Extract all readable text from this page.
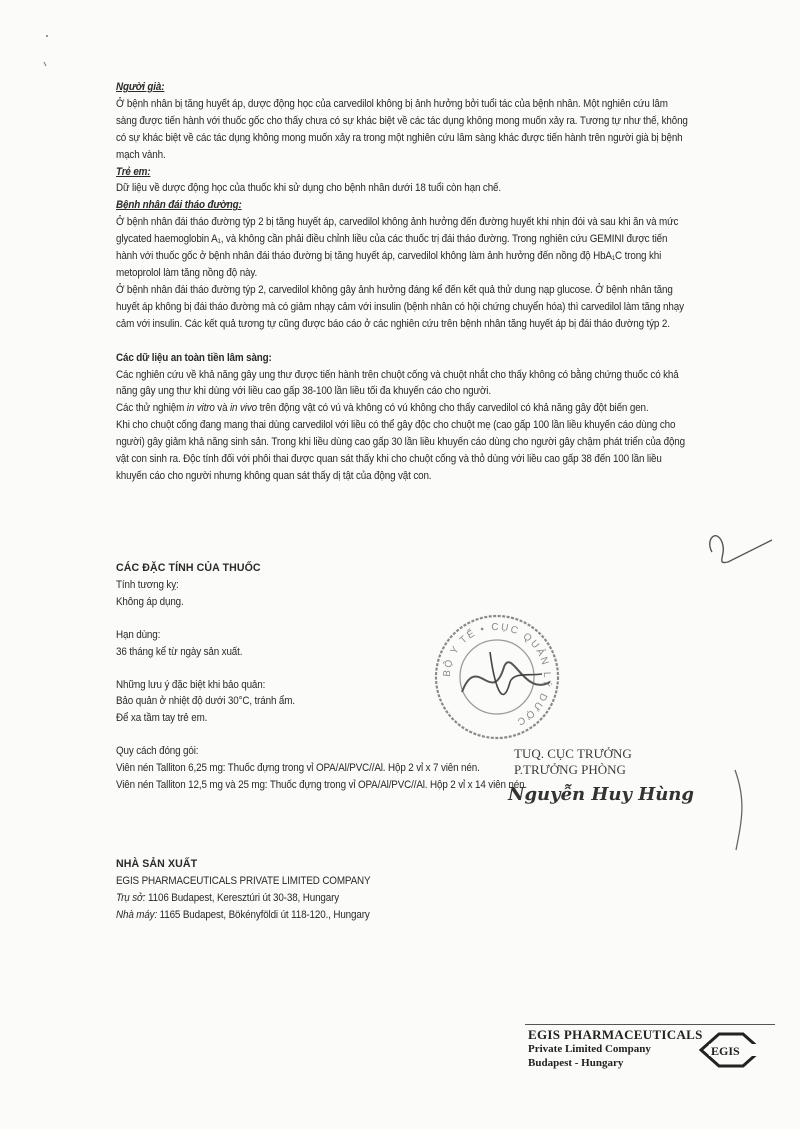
Người già:

Ở bệnh nhân bị tăng huyết áp, dược động học của carvedilol không bị ảnh hưởng bởi tuổi tác của bệnh nhân. Một nghiên cứu lâm sàng được tiến hành với thuốc gốc cho thấy chưa có sự khác biệt về các tác dụng không mong muốn xảy ra. Tương tự như thế, không có sự khác biệt về các tác dụng không mong muốn xảy ra trong một nghiên cứu lâm sàng khác được tiến hành trên người già bị bệnh mạch vành.

Trẻ em:

Dữ liệu về dược động học của thuốc khi sử dụng cho bệnh nhân dưới 18 tuổi còn hạn chế.

Bệnh nhân đái tháo đường:

Ở bệnh nhân đái tháo đường týp 2 bị tăng huyết áp, carvedilol không ảnh hưởng đến đường huyết khi nhịn đói và sau khi ăn và mức glycated haemoglobin A₁, và không cần phải điều chỉnh liều của các thuốc trị đái tháo đường. Trong nghiên cứu GEMINI được tiến hành với thuốc gốc ở bệnh nhân đái tháo đường bị tăng huyết áp, carvedilol không làm ảnh hưởng đến nồng độ HbA₁C trong khi metoprolol làm tăng nồng độ này.

Ở bệnh nhân đái tháo đường týp 2, carvedilol không gây ảnh hưởng đáng kể đến kết quả thử dung nạp glucose. Ở bệnh nhân tăng huyết áp không bị đái tháo đường mà có giảm nhạy cảm với insulin (bệnh nhân có hội chứng chuyển hóa) thì carvedilol làm tăng nhạy cảm với insulin. Các kết quả tương tự cũng được báo cáo ở các nghiên cứu trên bệnh nhân tăng huyết áp bị đái tháo đường týp 2.

Các dữ liệu an toàn tiền lâm sàng:

Các nghiên cứu về khả năng gây ung thư được tiến hành trên chuột cống và chuột nhắt cho thấy không có bằng chứng thuốc có khả năng gây ung thư khi dùng với liều cao gấp 38-100 lần liều tối đa khuyến cáo cho người.

Các thử nghiệm in vitro và in vivo trên động vật có vú và không có vú không cho thấy carvedilol có khả năng gây đột biến gen.

Khi cho chuột cống đang mang thai dùng carvedilol với liều có thể gây độc cho chuột mẹ (cao gấp 100 lần liều khuyến cáo dùng cho người) gây giảm khả năng sinh sản. Trong khi liều dùng cao gấp 30 lần liều khuyến cáo dùng cho người gây chậm phát triển của động vật con sinh ra. Độc tính đối với phôi thai được quan sát thấy khi cho chuột cống và thỏ dùng với liều cao gấp 38 đến 100 lần liều khuyến cáo cho người nhưng không quan sát thấy dị tật của động vật con.

CÁC ĐẶC TÍNH CỦA THUỐC

Tính tương kỵ:

Không áp dụng.

Hạn dùng:

36 tháng kể từ ngày sản xuất.

Những lưu ý đặc biệt khi bảo quản:

Bảo quản ở nhiệt độ dưới 30°C, tránh ẩm.

Để xa tầm tay trẻ em.

Quy cách đóng gói:

Viên nén Talliton 6,25 mg: Thuốc đựng trong vỉ OPA/Al/PVC//Al. Hộp 2 vỉ x 7 viên nén.

Viên nén Talliton 12,5 mg và 25 mg: Thuốc đựng trong vỉ OPA/Al/PVC//Al. Hộp 2 vỉ x 14 viên nén.

NHÀ SẢN XUẤT

EGIS PHARMACEUTICALS PRIVATE LIMITED COMPANY

Trụ sở: 1106 Budapest, Keresztúri út 30-38, Hungary

Nhà máy: 1165 Budapest, Bökényföldi út 118-120., Hungary

BỘ Y TẾ • CỤC QUẢN LÝ DƯỢC
TUQ. CỤC TRƯỞNG
P.TRƯỞNG PHÒNG
Nguyễn Huy Hùng
EGIS PHARMACEUTICALS
Private Limited Company
Budapest - Hungary
EGIS
